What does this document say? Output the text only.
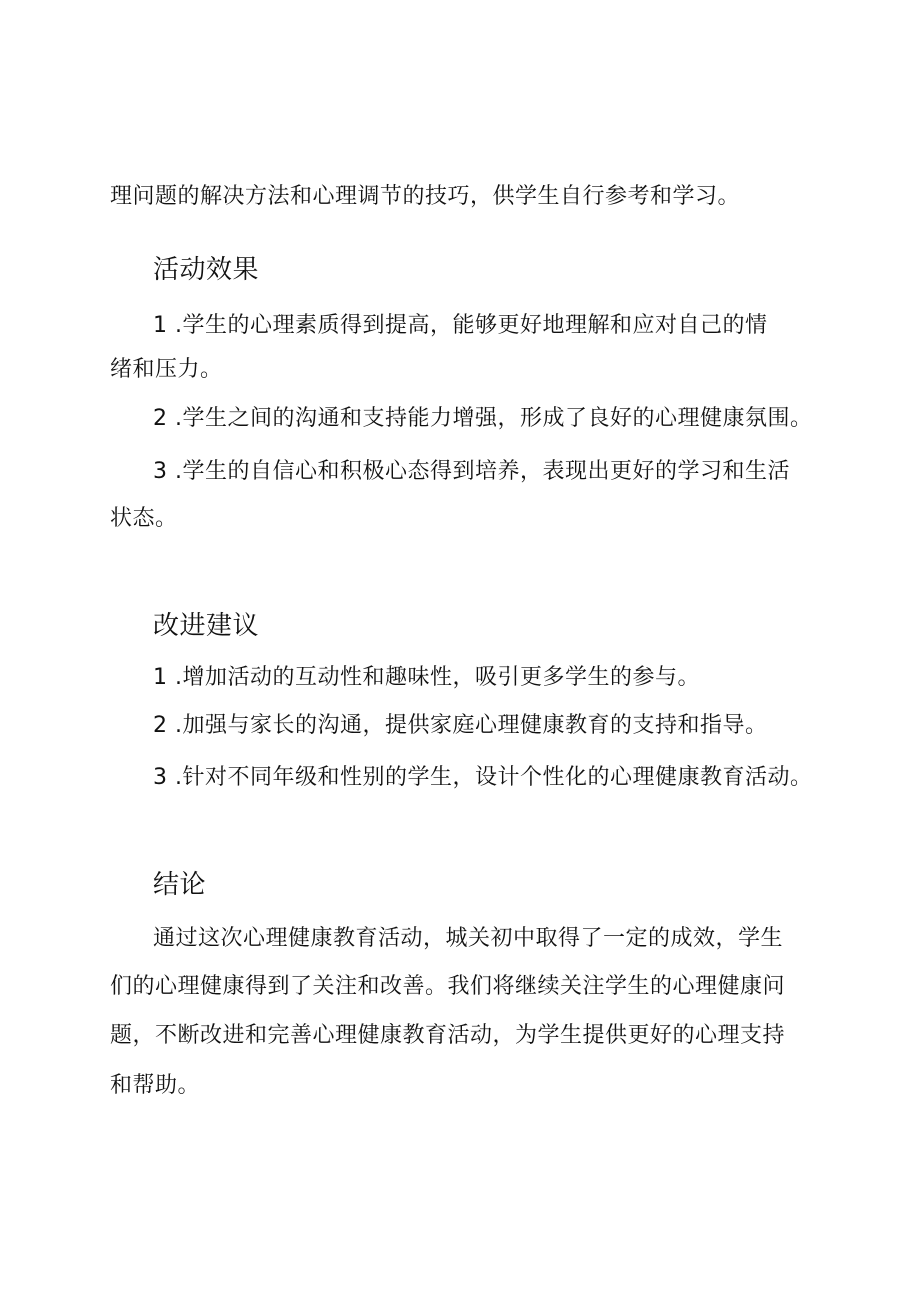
理问题的解决方法和心理调节的技巧，供学生自行参考和学习。
活动效果
1 .学生的心理素质得到提高，能够更好地理解和应对自己的情
绪和压力。
2 .学生之间的沟通和支持能力增强，形成了良好的心理健康氛围。
3 .学生的自信心和积极心态得到培养，表现出更好的学习和生活
状态。
改进建议
1 .增加活动的互动性和趣味性，吸引更多学生的参与。
2 .加强与家长的沟通，提供家庭心理健康教育的支持和指导。
3 .针对不同年级和性别的学生，设计个性化的心理健康教育活动。
结论
通过这次心理健康教育活动，城关初中取得了一定的成效，学生
们的心理健康得到了关注和改善。我们将继续关注学生的心理健康问
题，不断改进和完善心理健康教育活动，为学生提供更好的心理支持
和帮助。
